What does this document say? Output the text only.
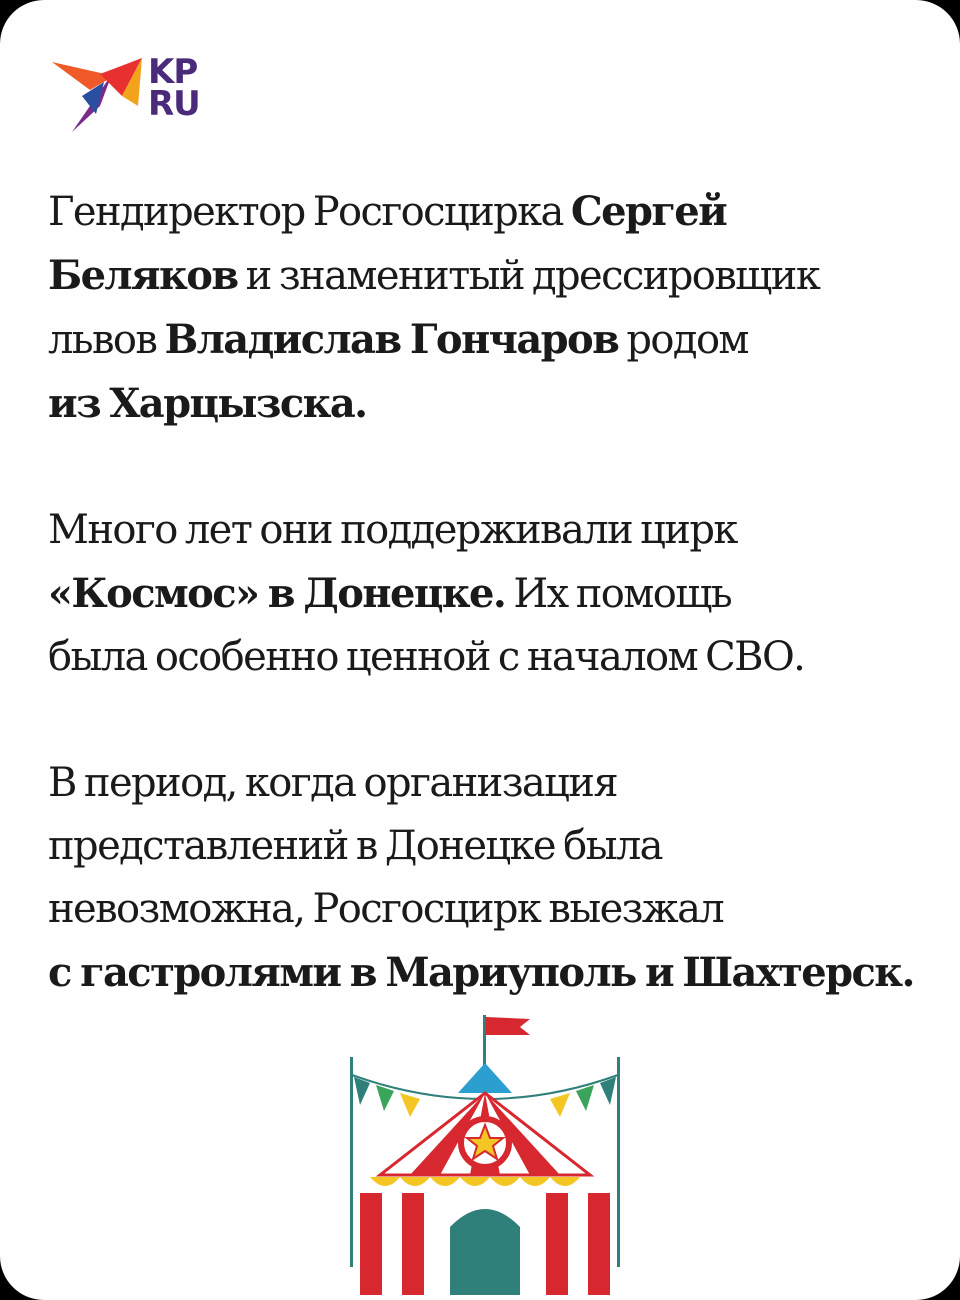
KP
RU
Гендиректор Росгосцирка Сергей
Беляков и знаменитый дрессировщик
львов Владислав Гончаров родом
из Харцызска.
Много лет они поддерживали цирк
«Космос» в Донецке. Их помощь
была особенно ценной с началом СВО.
В период, когда организация
представлений в Донецке была
невозможна, Росгосцирк выезжал
с гастролями в Мариуполь и Шахтерск.
